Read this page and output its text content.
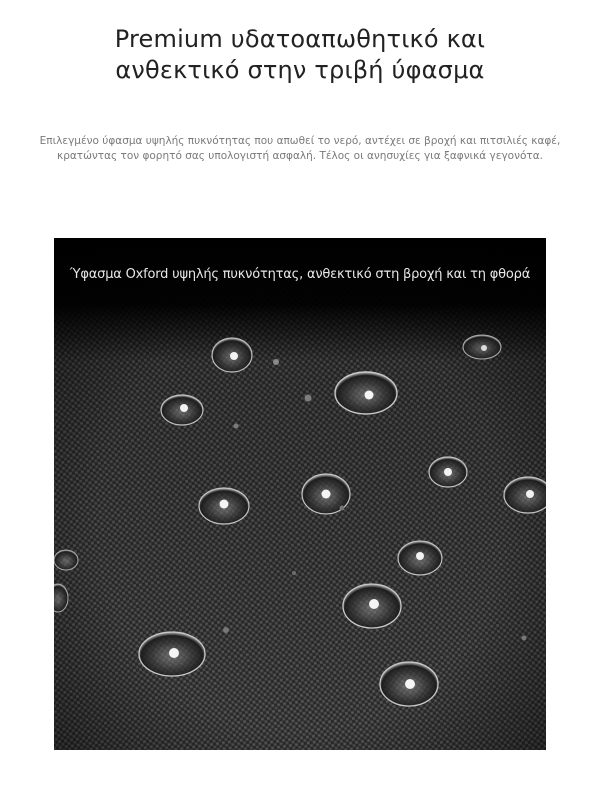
Premium υδατοαπωθητικό και
ανθεκτικό στην τριβή ύφασμα
Επιλεγμένο ύφασμα υψηλής πυκνότητας που απωθεί το νερό, αντέχει σε βροχή και πιτσιλιές καφέ,
κρατώντας τον φορητό σας υπολογιστή ασφαλή. Τέλος οι ανησυχίες για ξαφνικά γεγονότα.
Ύφασμα Oxford υψηλής πυκνότητας, ανθεκτικό στη βροχή και τη φθορά
